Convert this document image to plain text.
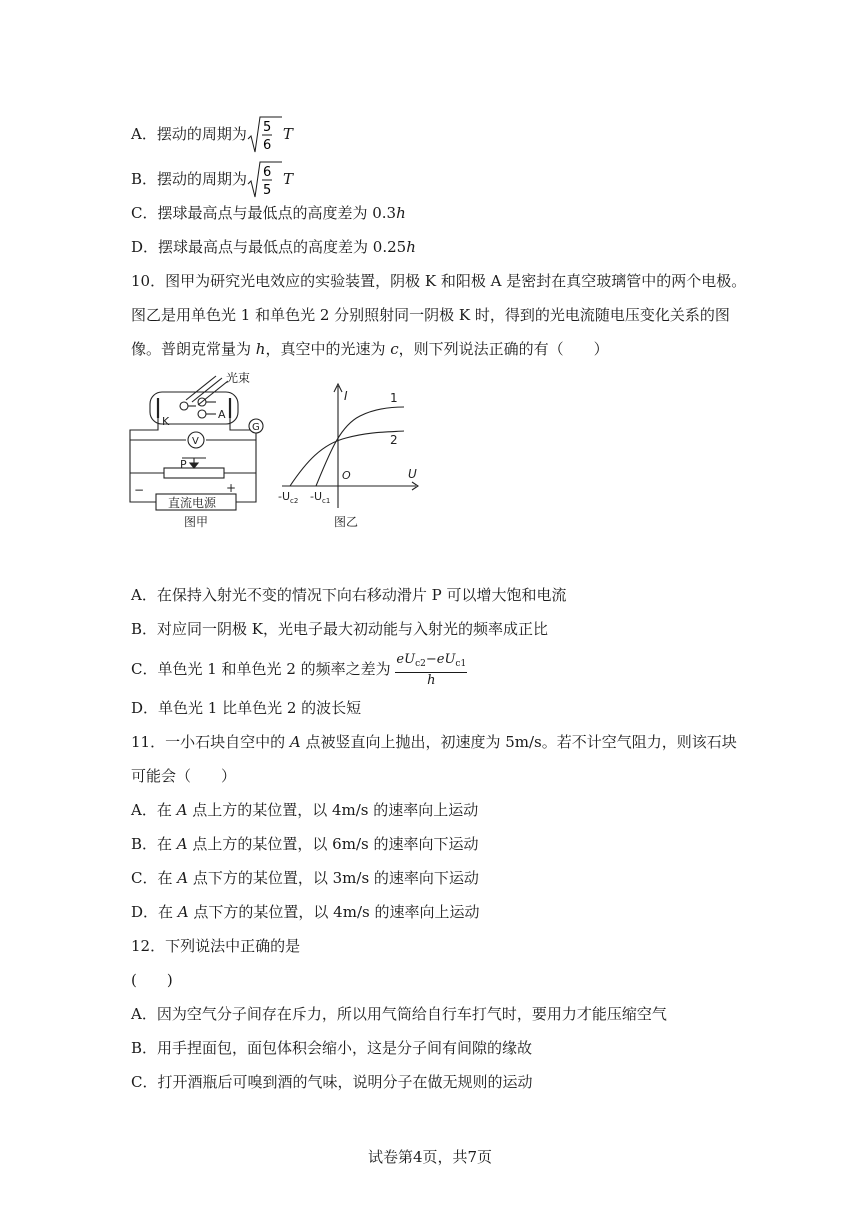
A．摆动的周期为 5
6
T
B．摆动的周期为 6
5
T
C．摆球最高点与最低点的高度差为 0.3h
D．摆球最高点与最低点的高度差为 0.25h
10．图甲为研究光电效应的实验装置，阴极 K 和阳极 A 是密封在真空玻璃管中的两个电极。
图乙是用单色光 1 和单色光 2 分别照射同一阴极 K 时，得到的光电流随电压变化关系的图
像。普朗克常量为 h，真空中的光速为 c，则下列说法正确的有（　　）
光束
K
A
V
G
P
−	+
直流电源
图甲
I
U
O
1
2
$-U_{c2}$ $-U_{c1}$
图乙
A．在保持入射光不变的情况下向右移动滑片 P 可以增大饱和电流
B．对应同一阴极 K，光电子最大初动能与入射光的频率成正比
C．单色光 1 和单色光 2 的频率之差为 $\frac{eU_{c2}-eU_{c1}}{h}$
D．单色光 1 比单色光 2 的波长短
11．一小石块自空中的 A 点被竖直向上抛出，初速度为 5m/s。若不计空气阻力，则该石块
可能会（　　）
A．在 A 点上方的某位置，以 4m/s 的速率向上运动
B．在 A 点上方的某位置，以 6m/s 的速率向下运动
C．在 A 点下方的某位置，以 3m/s 的速率向下运动
D．在 A 点下方的某位置，以 4m/s 的速率向上运动
12．下列说法中正确的是
(　　)
A．因为空气分子间存在斥力，所以用气筒给自行车打气时，要用力才能压缩空气
B．用手捏面包，面包体积会缩小，这是分子间有间隙的缘故
C．打开酒瓶后可嗅到酒的气味，说明分子在做无规则的运动
试卷第4页，共7页
